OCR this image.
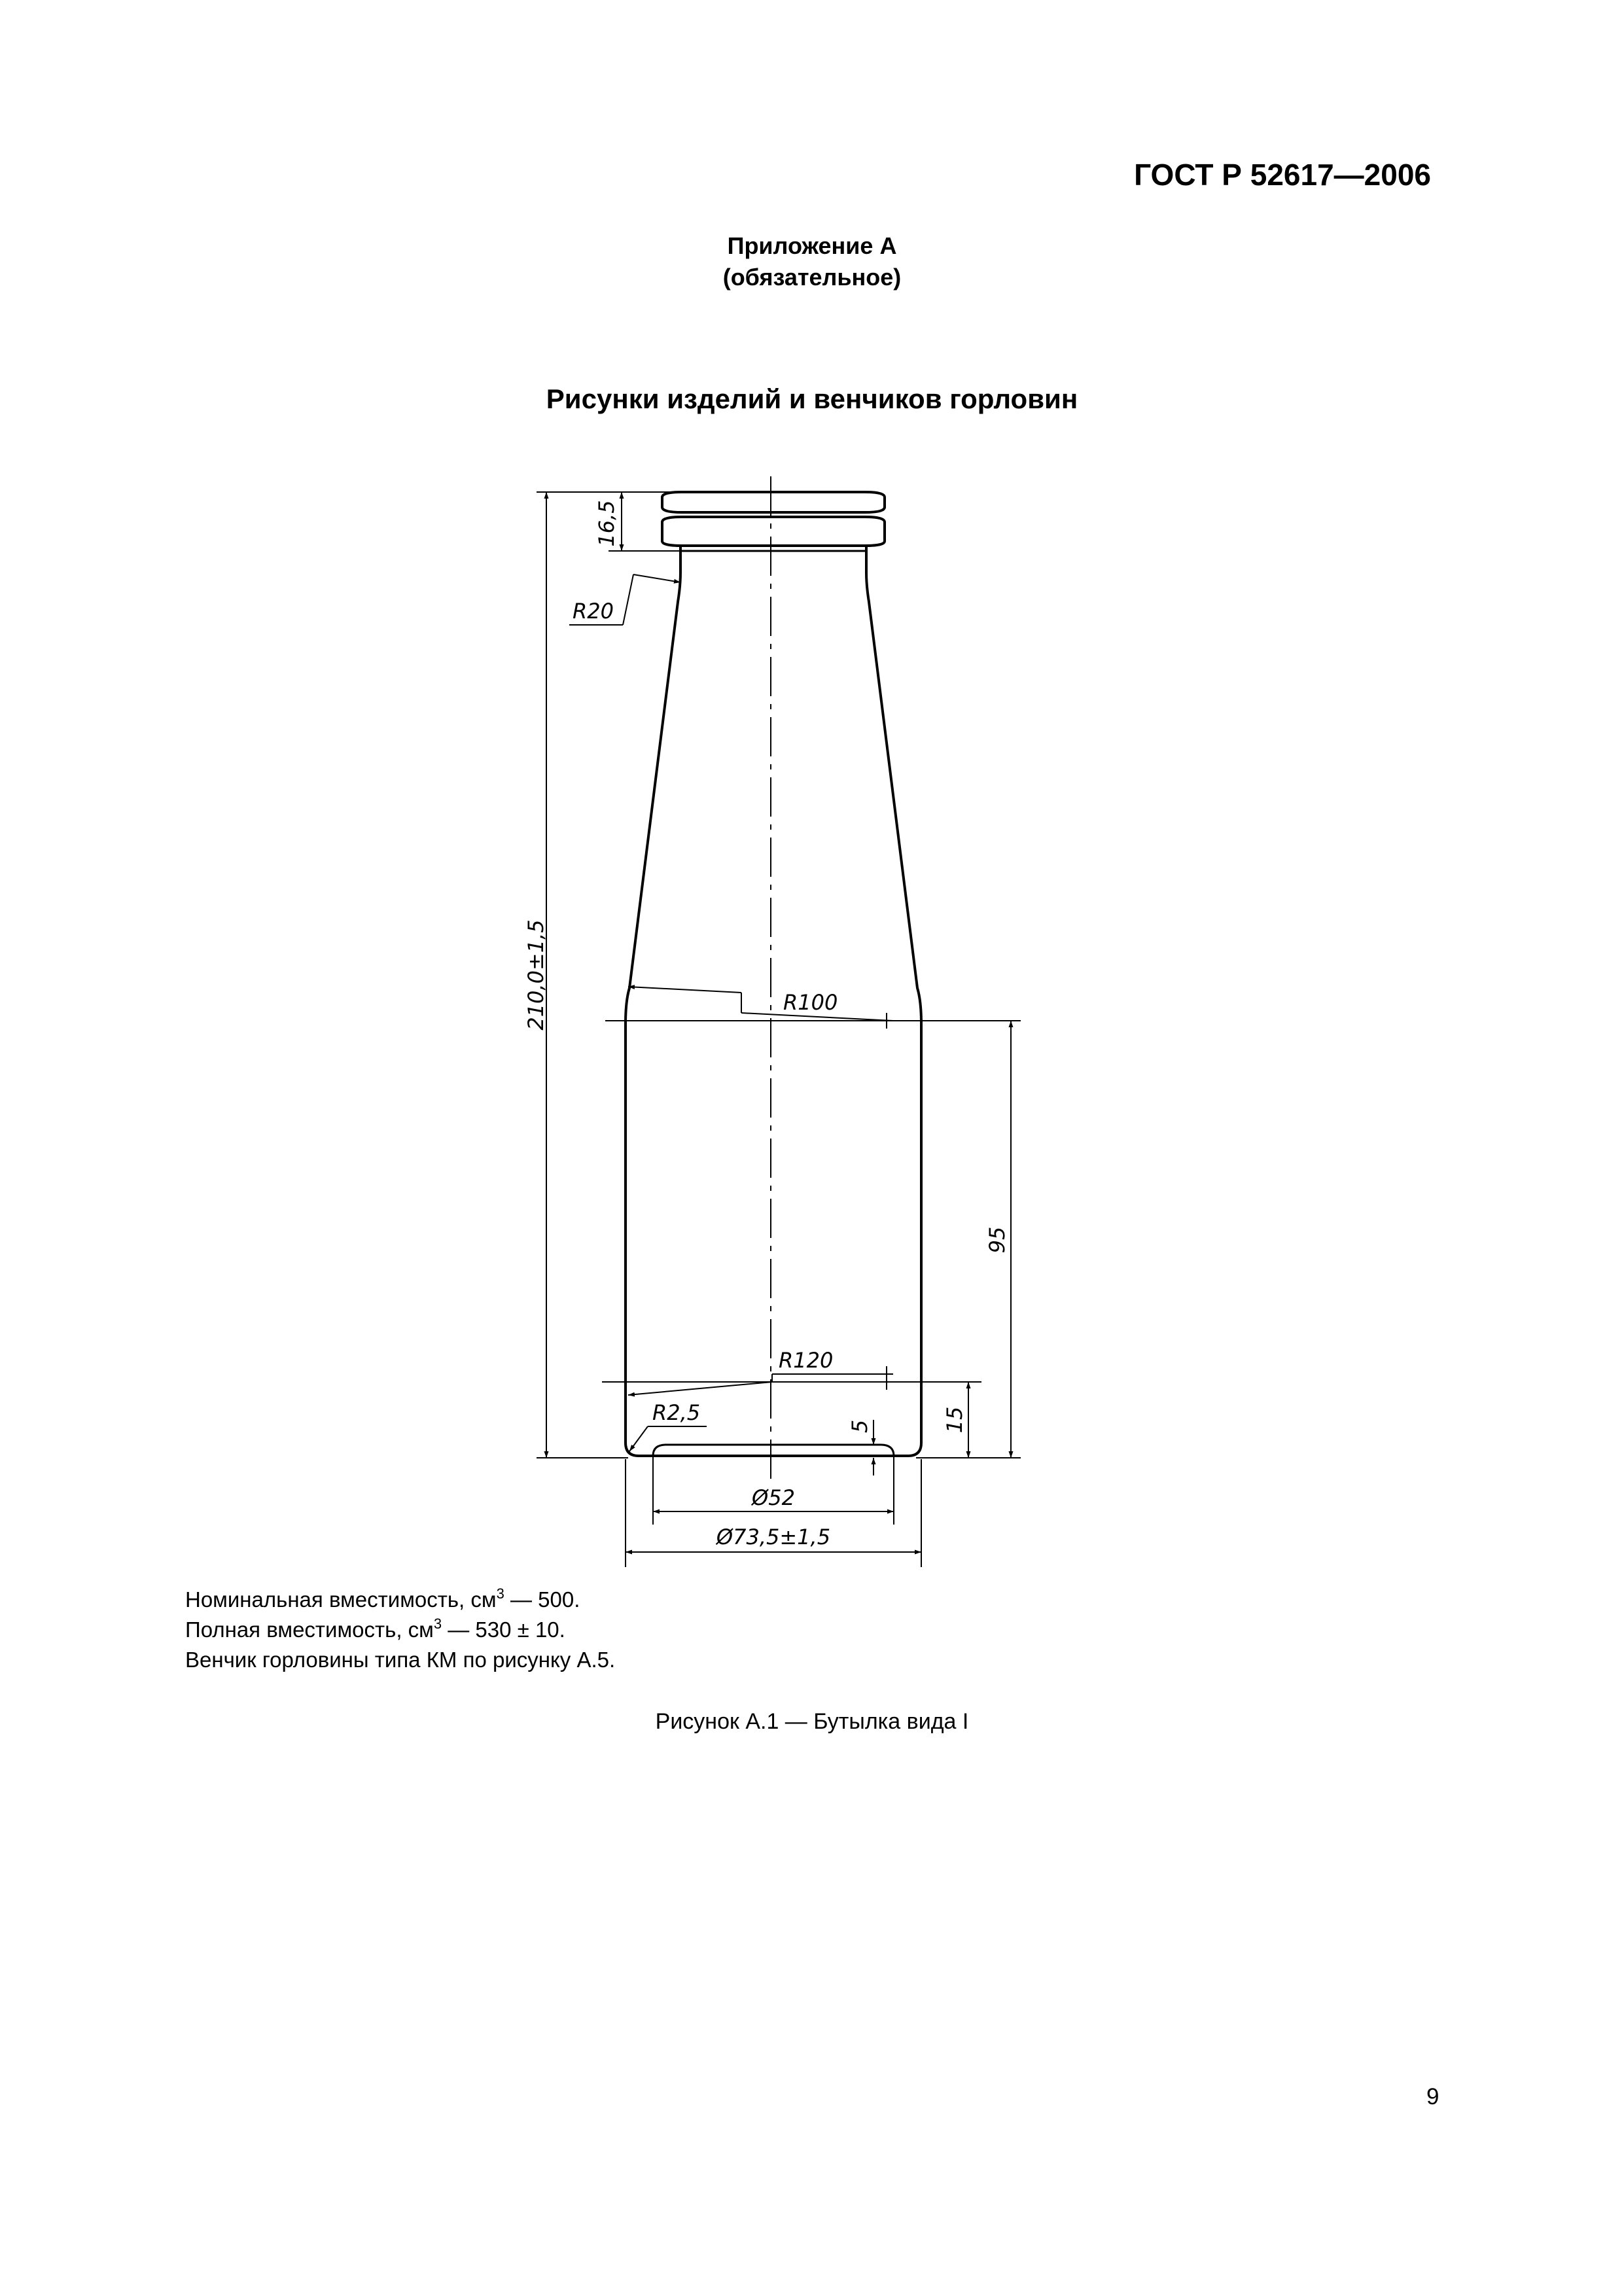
ГОСТ Р 52617—2006
Приложение А
(обязательное)
Рисунки изделий и венчиков горловин
210,0±1,5
16,5
R20
R100
95
15
R120
R2,5
5
Ø52
Ø73,5±1,5
Номинальная вместимость, $см^3$ — 500.
Полная вместимость, $см^3$ — 530 ± 10.
Венчик горловины типа КМ по рисунку А.5.
Рисунок А.1 — Бутылка вида I
9
